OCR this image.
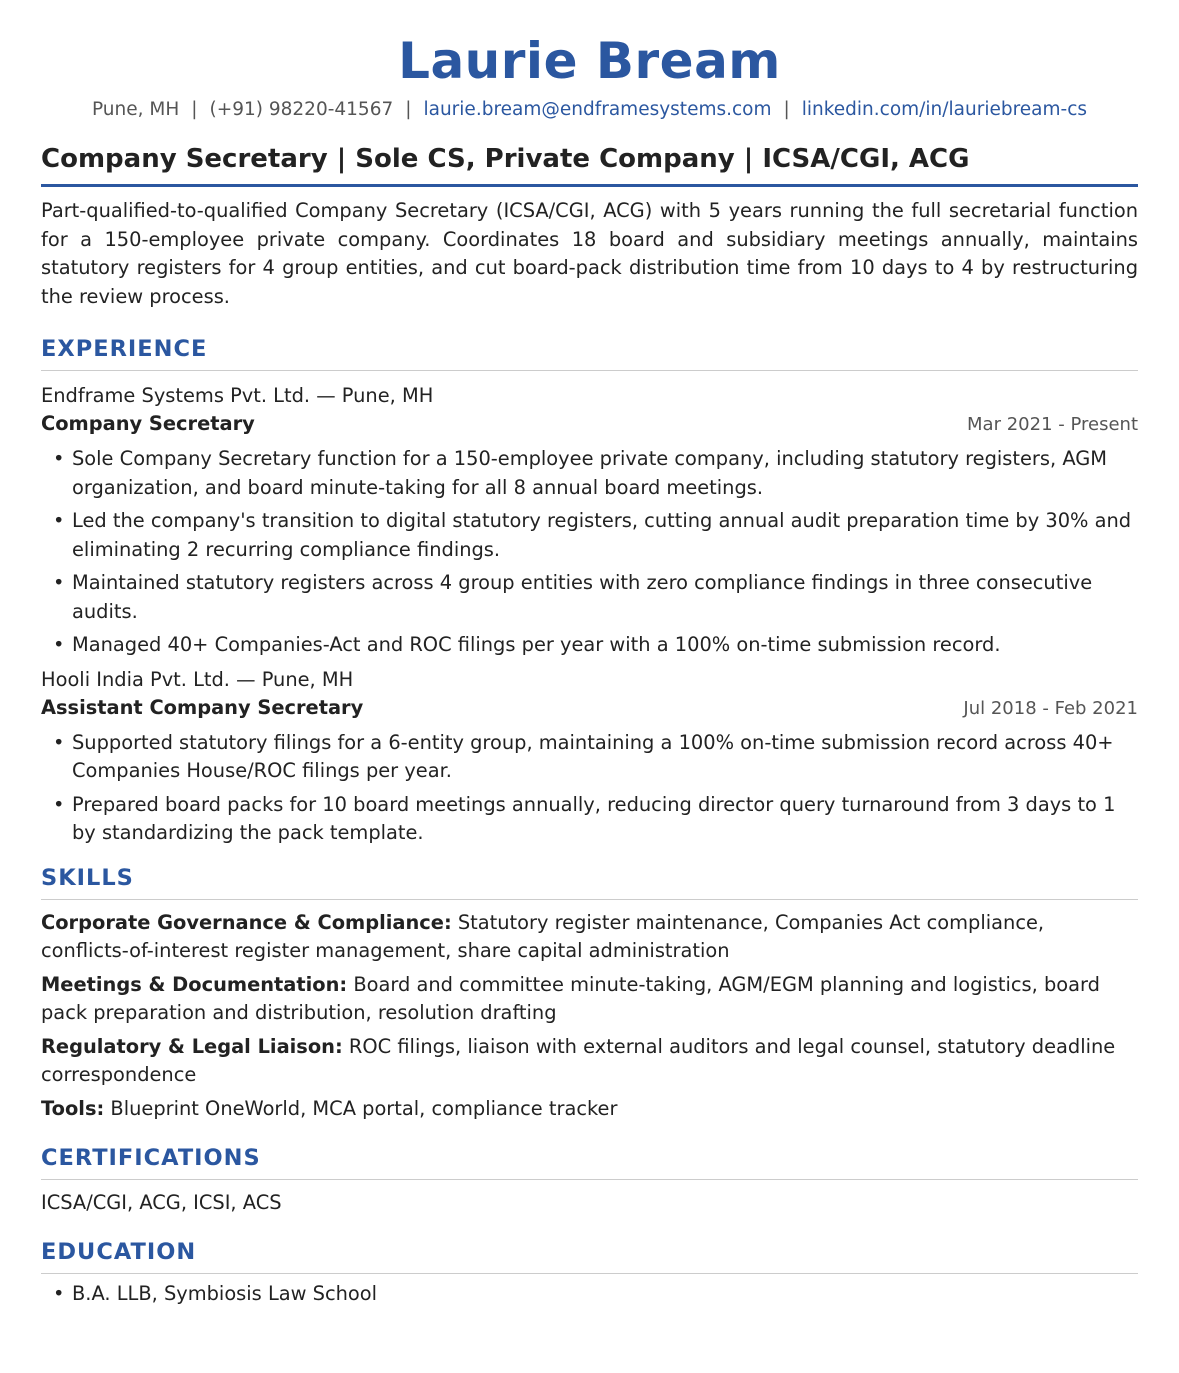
Laurie Bream
Pune, MH | (+91) 98220-41567 | laurie.bream@endframesystems.com | linkedin.com/in/lauriebream-cs
Company Secretary | Sole CS, Private Company | ICSA/CGI, ACG
Part-qualified-to-qualified Company Secretary (ICSA/CGI, ACG) with 5 years running the full secretarial function for a 150-employee private company. Coordinates 18 board and subsidiary meetings annually, maintains statutory registers for 4 group entities, and cut board-pack distribution time from 10 days to 4 by restructuring the review process.
EXPERIENCE
Endframe Systems Pvt. Ltd. — Pune, MH
Company Secretary	Mar 2021 - Present
• Sole Company Secretary function for a 150-employee private company, including statutory registers, AGM organization, and board minute-taking for all 8 annual board meetings.
• Led the company's transition to digital statutory registers, cutting annual audit preparation time by 30% and eliminating 2 recurring compliance findings.
• Maintained statutory registers across 4 group entities with zero compliance findings in three consecutive audits.
• Managed 40+ Companies-Act and ROC filings per year with a 100% on-time submission record.
Hooli India Pvt. Ltd. — Pune, MH
Assistant Company Secretary	Jul 2018 - Feb 2021
• Supported statutory filings for a 6-entity group, maintaining a 100% on-time submission record across 40+ Companies House/ROC filings per year.
• Prepared board packs for 10 board meetings annually, reducing director query turnaround from 3 days to 1 by standardizing the pack template.
SKILLS
Corporate Governance & Compliance: Statutory register maintenance, Companies Act compliance, conflicts-of-interest register management, share capital administration
Meetings & Documentation: Board and committee minute-taking, AGM/EGM planning and logistics, board pack preparation and distribution, resolution drafting
Regulatory & Legal Liaison: ROC filings, liaison with external auditors and legal counsel, statutory deadline correspondence
Tools: Blueprint OneWorld, MCA portal, compliance tracker
CERTIFICATIONS
ICSA/CGI, ACG, ICSI, ACS
EDUCATION
• B.A. LLB, Symbiosis Law School
